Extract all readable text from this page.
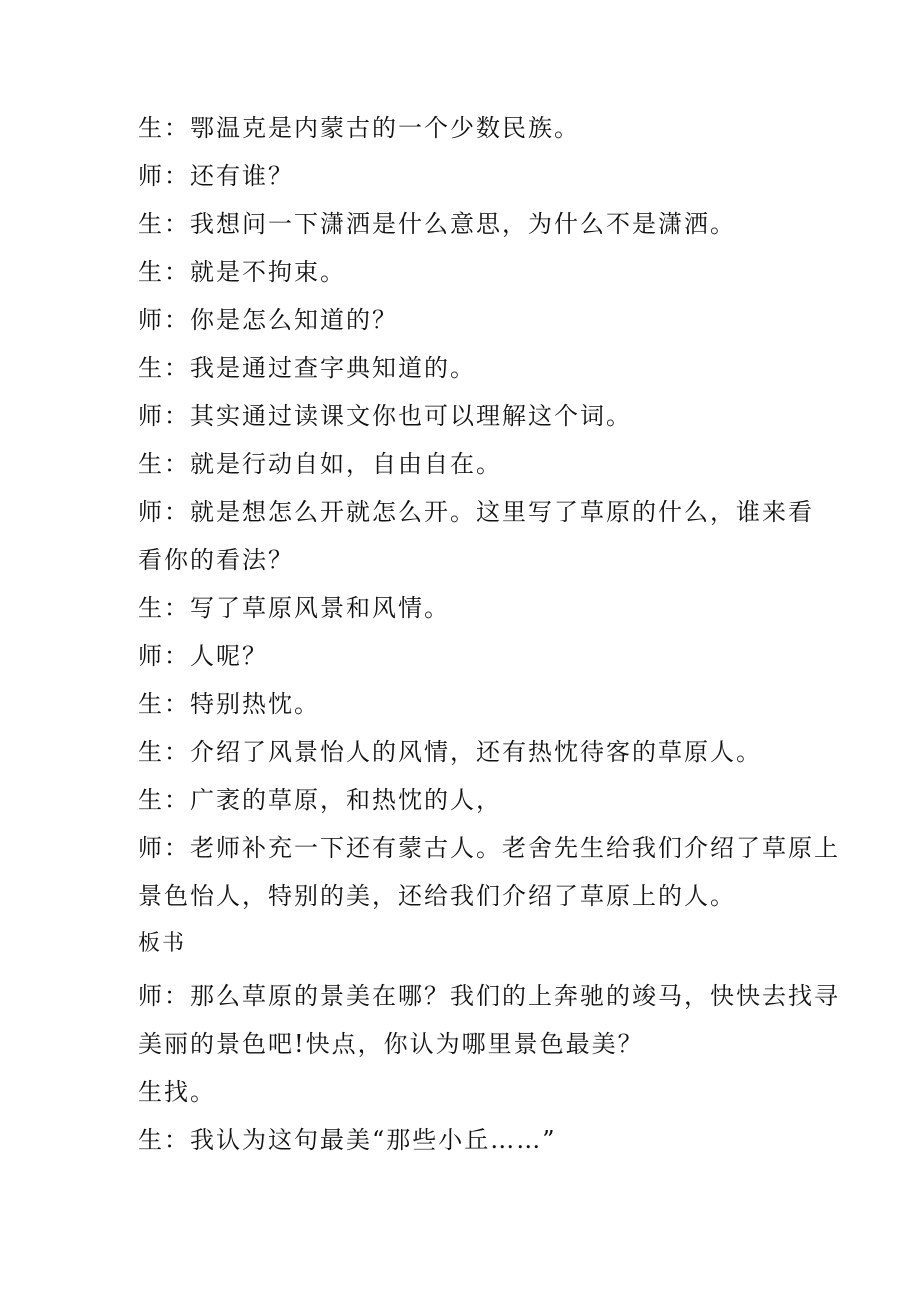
生：鄂温克是内蒙古的一个少数民族。
师：还有谁？
生：我想问一下潇洒是什么意思，为什么不是潇洒。
生：就是不拘束。
师：你是怎么知道的？
生：我是通过查字典知道的。
师：其实通过读课文你也可以理解这个词。
生：就是行动自如，自由自在。
师：就是想怎么开就怎么开。这里写了草原的什么，谁来看
看你的看法？
生：写了草原风景和风情。
师：人呢？
生：特别热忱。
生：介绍了风景怡人的风情，还有热忱待客的草原人。
生：广袤的草原，和热忱的人，
师：老师补充一下还有蒙古人。老舍先生给我们介绍了草原上
景色怡人，特别的美，还给我们介绍了草原上的人。
板书
师：那么草原的景美在哪？我们的上奔驰的竣马，快快去找寻
美丽的景色吧!快点，你认为哪里景色最美？
生找。
生：我认为这句最美“那些小丘……”
